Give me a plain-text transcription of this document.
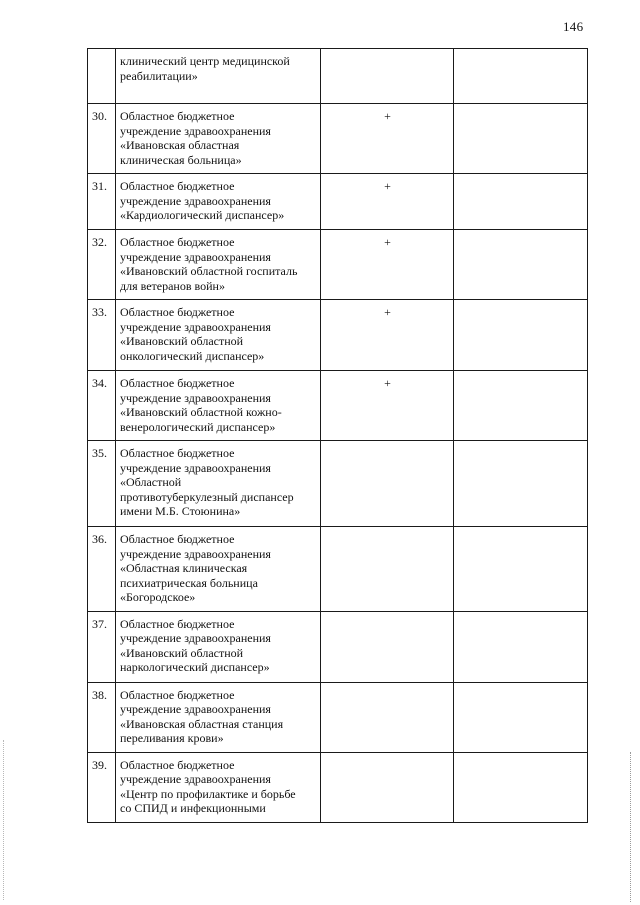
146

	клинический центр медицинской
реабилитации»		

30.	Областное бюджетное
учреждение здравоохранения
«Ивановская областная
клиническая больница»	+	
31.	Областное бюджетное
учреждение здравоохранения
«Кардиологический диспансер»	+	
32.	Областное бюджетное
учреждение здравоохранения
«Ивановский областной госпиталь
для ветеранов войн»	+	
33.	Областное бюджетное
учреждение здравоохранения
«Ивановский областной
онкологический диспансер»	+	
34.	Областное бюджетное
учреждение здравоохранения
«Ивановский областной кожно-
венерологический диспансер»	+	
35.	Областное бюджетное
учреждение здравоохранения
«Областной
противотуберкулезный диспансер
имени М.Б. Стоюнина»		

36.	Областное бюджетное
учреждение здравоохранения
«Областная клиническая
психиатрическая больница
«Богородское»		

37.	Областное бюджетное
учреждение здравоохранения
«Ивановский областной
наркологический диспансер»		

38.	Областное бюджетное
учреждение здравоохранения
«Ивановская областная станция
переливания крови»		

39.	Областное бюджетное
учреждение здравоохранения
«Центр по профилактике и борьбе
со СПИД и инфекционными		
